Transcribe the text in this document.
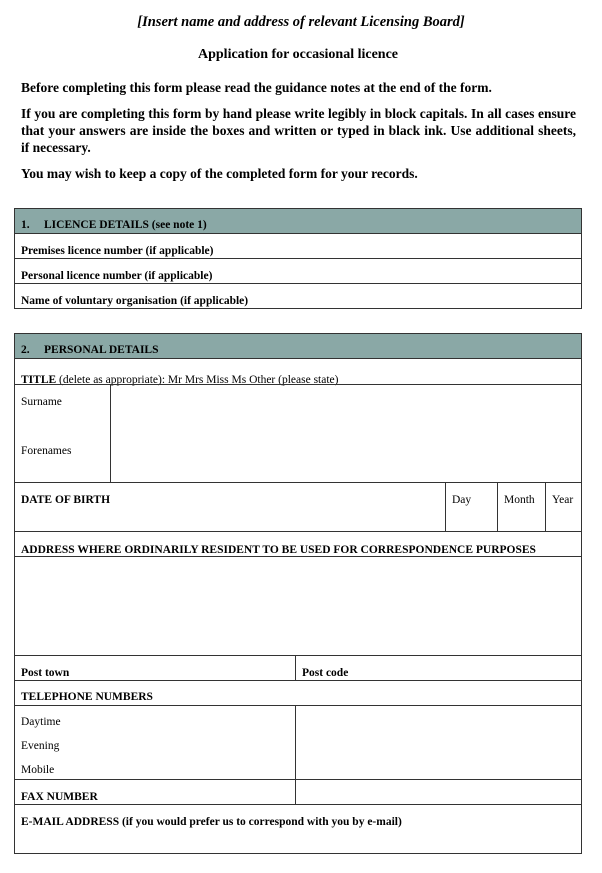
[Insert name and address of relevant Licensing Board]
Application for occasional licence
Before completing this form please read the guidance notes at the end of the form.
If you are completing this form by hand please write legibly in block capitals. In all cases ensure that your answers are inside the boxes and written or typed in black ink. Use additional sheets, if necessary.
You may wish to keep a copy of the completed form for your records.
1. LICENCE DETAILS (see note 1)
Premises licence number (if applicable)
Personal licence number (if applicable)
Name of voluntary organisation (if applicable)
2. PERSONAL DETAILS
TITLE (delete as appropriate): Mr Mrs Miss Ms Other (please state)
Surname
Forenames
DATE OF BIRTH	Day	Month Year
ADDRESS WHERE ORDINARILY RESIDENT TO BE USED FOR CORRESPONDENCE PURPOSES
Post town	Post code
TELEPHONE NUMBERS
Daytime
Evening
Mobile
FAX NUMBER
E-MAIL ADDRESS (if you would prefer us to correspond with you by e-mail)
